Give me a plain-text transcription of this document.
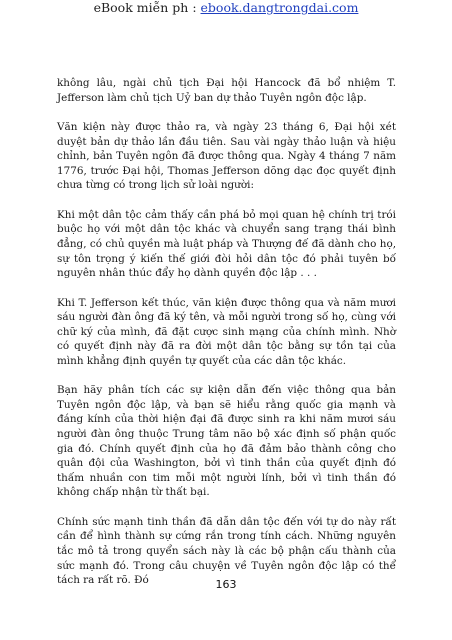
eBook miễn ph : ebook.dangtrongdai.com

không lâu, ngài chủ tịch Đại hội Hancock đã bổ nhiệm T. Jefferson làm chủ tịch Uỷ ban dự thảo Tuyên ngôn độc lập.

Văn kiện này được thảo ra, và ngày 23 tháng 6, Đại hội xét duyệt bản dự thảo lần đầu tiên. Sau vài ngày thảo luận và hiệu chỉnh, bản Tuyên ngôn đã được thông qua. Ngày 4 tháng 7 năm 1776, trước Đại hội, Thomas Jefferson dõng dạc đọc quyết định chưa từng có trong lịch sử loài người:

Khi một dân tộc cảm thấy cần phá bỏ mọi quan hệ chính trị trói buộc họ với một dân tộc khác và chuyển sang trạng thái bình đẳng, có chủ quyền mà luật pháp và Thượng đế đã dành cho họ, sự tôn trọng ý kiến thế giới đòi hỏi dân tộc đó phải tuyên bố nguyên nhân thúc đẩy họ dành quyền độc lập . . .

Khi T. Jefferson kết thúc, văn kiện được thông qua và năm mươi sáu người đàn ông đã ký tên, và mỗi người trong số họ, cùng với chữ ký của mình, đã đặt cược sinh mạng của chính mình. Nhờ có quyết định này đã ra đời một dân tộc bằng sự tồn tại của mình khẳng định quyền tự quyết của các dân tộc khác.

Bạn hãy phân tích các sự kiện dẫn đến việc thông qua bản Tuyên ngôn độc lập, và bạn sẽ hiểu rằng quốc gia mạnh và đáng kính của thời hiện đại đã được sinh ra khi năm mươi sáu người đàn ông thuộc Trung tâm não bộ xác định số phận quốc gia đó. Chính quyết định của họ đã đảm bảo thành công cho quân đội của Washington, bởi vì tinh thần của quyết định đó thấm nhuần con tim mỗi một người lính, bởi vì tinh thần đó không chấp nhận từ thất bại.

Chính sức mạnh tinh thần đã dẫn dân tộc đến với tự do này rất cần để hình thành sự cứng rắn trong tính cách. Những nguyên tắc mô tả trong quyển sách này là các bộ phận cấu thành của sức mạnh đó. Trong câu chuyện về Tuyên ngôn độc lập có thể tách ra rất rõ. Đó	163
